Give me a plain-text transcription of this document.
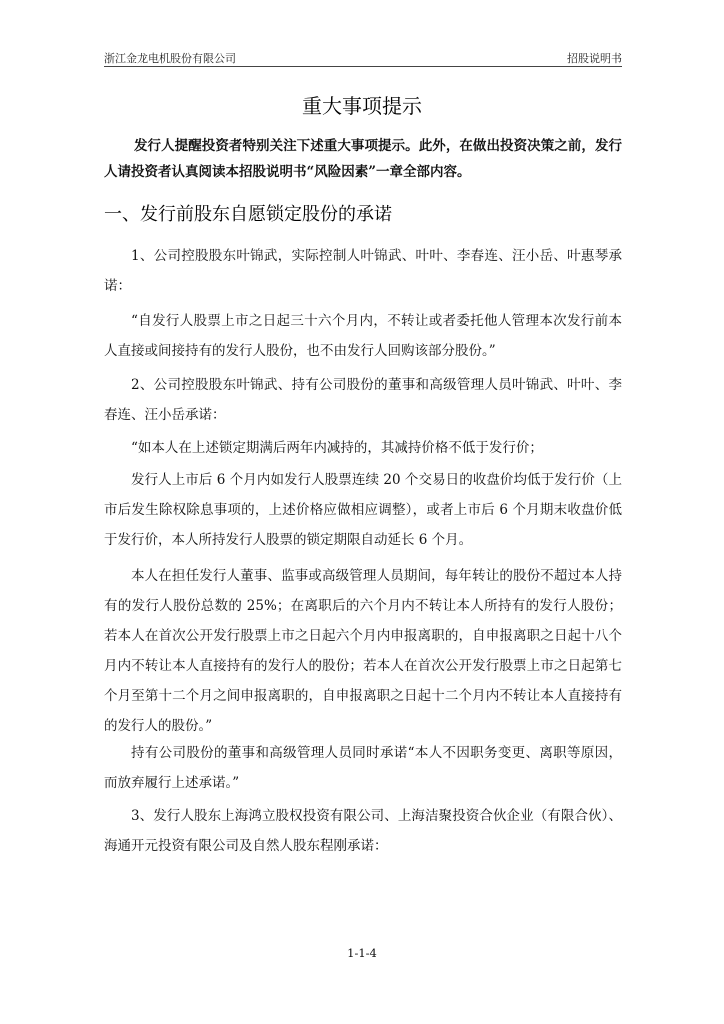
浙江金龙电机股份有限公司	招股说明书
重大事项提示
发行人提醒投资者特别关注下述重大事项提示。此外，在做出投资决策之前，发行人请投资者认真阅读本招股说明书“风险因素”一章全部内容。
一、发行前股东自愿锁定股份的承诺

1、公司控股股东叶锦武，实际控制人叶锦武、叶叶、李春连、汪小岳、叶惠琴承诺：

“自发行人股票上市之日起三十六个月内，不转让或者委托他人管理本次发行前本人直接或间接持有的发行人股份，也不由发行人回购该部分股份。”

2、公司控股股东叶锦武、持有公司股份的董事和高级管理人员叶锦武、叶叶、李春连、汪小岳承诺：

“如本人在上述锁定期满后两年内减持的，其减持价格不低于发行价；

发行人上市后 6 个月内如发行人股票连续 20 个交易日的收盘价均低于发行价（上市后发生除权除息事项的，上述价格应做相应调整），或者上市后 6 个月期末收盘价低于发行价，本人所持发行人股票的锁定期限自动延长 6 个月。

本人在担任发行人董事、监事或高级管理人员期间，每年转让的股份不超过本人持有的发行人股份总数的 25%；在离职后的六个月内不转让本人所持有的发行人股份；若本人在首次公开发行股票上市之日起六个月内申报离职的，自申报离职之日起十八个月内不转让本人直接持有的发行人的股份；若本人在首次公开发行股票上市之日起第七个月至第十二个月之间申报离职的，自申报离职之日起十二个月内不转让本人直接持有的发行人的股份。”

持有公司股份的董事和高级管理人员同时承诺“本人不因职务变更、离职等原因，而放弃履行上述承诺。”

3、发行人股东上海鸿立股权投资有限公司、上海洁聚投资合伙企业（有限合伙）、海通开元投资有限公司及自然人股东程刚承诺：

1-1-4
